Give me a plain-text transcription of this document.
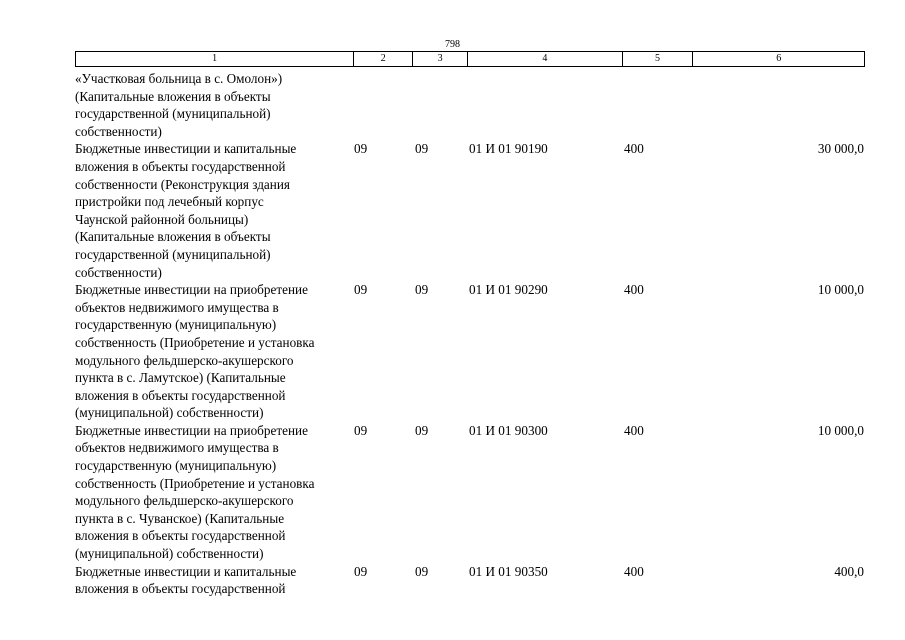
798
1	2	3	4	5	6
«Участковая больница в с. Омолон»)
(Капитальные вложения в объекты
государственной (муниципальной)
собственности)
Бюджетные инвестиции и капитальные
вложения в объекты государственной
собственности (Реконструкция здания
пристройки под лечебный корпус
Чаунской районной больницы)
(Капитальные вложения в объекты
государственной (муниципальной)
собственности)
09	09	01 И 01 90190	400	30 000,0
Бюджетные инвестиции на приобретение
объектов недвижимого имущества в
государственную (муниципальную)
собственность (Приобретение и установка
модульного фельдшерско-акушерского
пункта в с. Ламутское) (Капитальные
вложения в объекты государственной
(муниципальной) собственности)
09	09	01 И 01 90290	400	10 000,0
Бюджетные инвестиции на приобретение
объектов недвижимого имущества в
государственную (муниципальную)
собственность (Приобретение и установка
модульного фельдшерско-акушерского
пункта в с. Чуванское) (Капитальные
вложения в объекты государственной
(муниципальной) собственности)
09	09	01 И 01 90300	400	10 000,0
Бюджетные инвестиции и капитальные
вложения в объекты государственной
09	09	01 И 01 90350	400	400,0
